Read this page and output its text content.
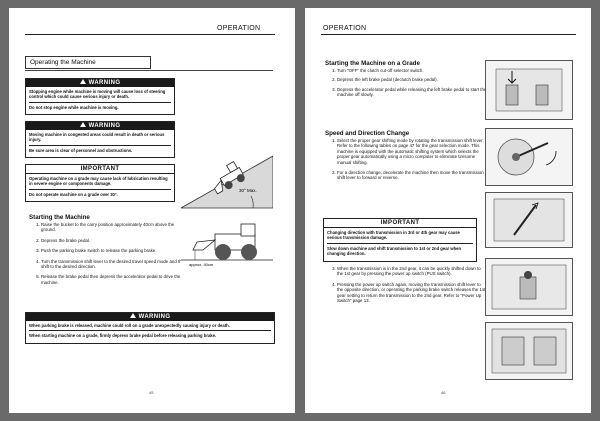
OPERATION
Operating the Machine
WARNING

Stopping engine while machine is moving will cause loss of steering control which could cause serious injury or death.

Do not stop engine while machine is moving.

WARNING

Moving machine in congested areas could result in death or serious injury.

Be sure area is clear of personnel and obstructions.

IMPORTANT

Operating machine on a grade may cause lack of lubrication resulting in severe engine or components damage.

Do not operate machine on a grade over 30°.

30° Max.
Starting the Machine
1. Raise the bucket to the carry position approximately 40cm above the ground.
2. Depress the brake pedal.
3. Push the parking brake switch to release the parking brake.
4. Turn the transmission shift lever to the desired travel speed mode and then shift to the desired direction.
5. Release the brake pedal then depress the accelerator pedal to drive the machine.
approx. 40cm
WARNING

When parking brake is released, machine could roll on a grade unexpectedly causing injury or death.

When starting machine on a grade, firmly depress brake pedal before releasing parking brake.

45
OPERATION
Starting the Machine on a Grade
1. Turn "OFF" the clutch cut-off selector switch.
2. Depress the left brake pedal (declutch brake pedal).
3. Depress the accelerator pedal while releasing the left brake pedal to start the machine off slowly.
Speed and Direction Change
1. Select the proper gear shifting mode by rotating the transmission shift lever. Refer to the following tables on page 47 for the gear selection mode. This machine is equipped with the automatic shifting system which selects the proper gear automatically using a micro computer to eliminate tiresome manual shifting.
2. For a direction change, decelerate the machine then move the transmission shift lever to forward or reverse.
IMPORTANT

Changing direction with transmission in 3rd or 4th gear may cause serious transmission damage.

Slow down machine and shift transmission to 1st or 2nd gear when changing direction.

3. When the transmission is in the 2nd gear, it can be quickly shifted down to the 1st gear by pressing the power up switch (PUS switch).
4. Pressing the power up switch again, moving the transmission shift lever to the opposite direction, or operating the parking brake switch releases the 1st gear setting to return the transmission to the 2nd gear. Refer to "Power Up Switch" page 13.
46
